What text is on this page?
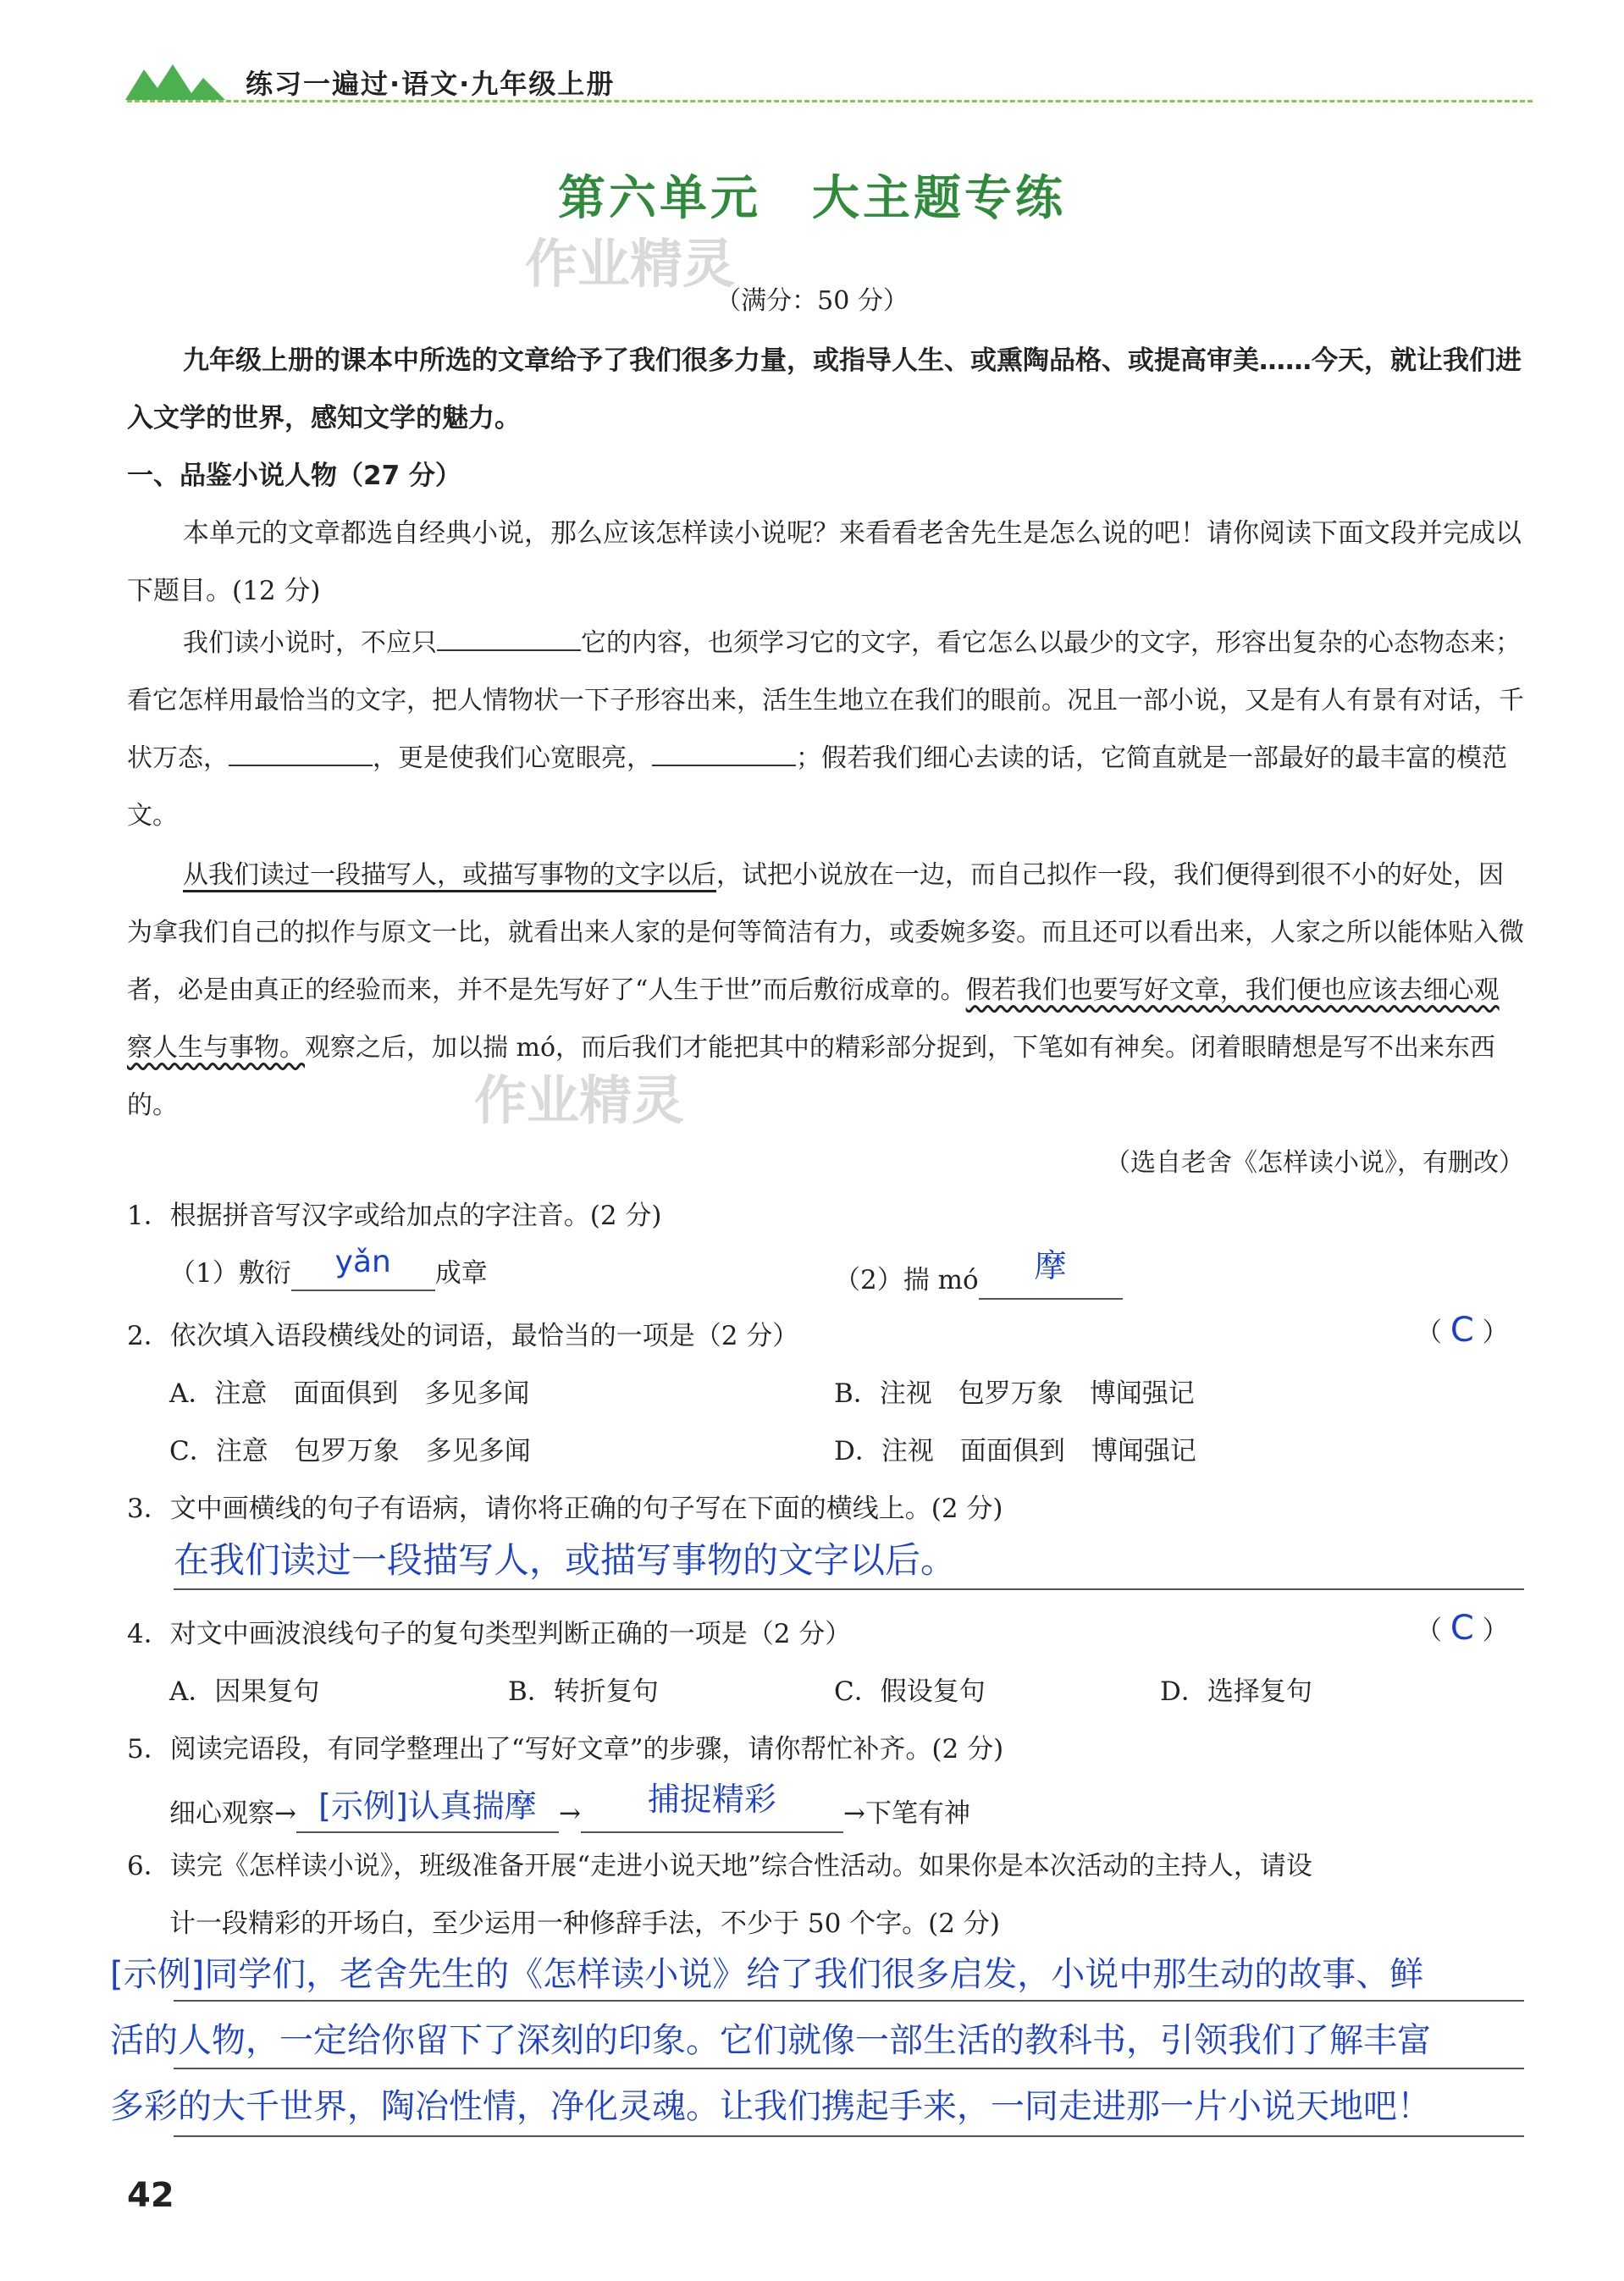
练习一遍过·语文·九年级上册
第六单元　大主题专练
作业精灵
（满分：50 分）
九年级上册的课本中所选的文章给予了我们很多力量，或指导人生、或熏陶品格、或提高审美……今天，就让我们进入文学的世界，感知文学的魅力。
一、品鉴小说人物（27 分）
本单元的文章都选自经典小说，那么应该怎样读小说呢？来看看老舍先生是怎么说的吧！请你阅读下面文段并完成以下题目。(12 分)
我们读小说时，不应只	它的内容，也须学习它的文字，看它怎么以最少的文字，形容出复杂的心态物态来；看它怎样用最恰当的文字，把人情物状一下子形容出来，活生生地立在我们的眼前。况且一部小说，又是有人有景有对话，千状万态，	，更是使我们心宽眼亮，	；假若我们细心去读的话，它简直就是一部最好的最丰富的模范文。
从我们读过一段描写人，或描写事物的文字以后，试把小说放在一边，而自己拟作一段，我们便得到很不小的好处，因为拿我们自己的拟作与原文一比，就看出来人家的是何等简洁有力，或委婉多姿。而且还可以看出来，人家之所以能体贴入微者，必是由真正的经验而来，并不是先写好了“人生于世”而后敷衍成章的。假若我们也要写好文章，我们便也应该去细心观察人生与事物。观察之后，加以揣 mó，而后我们才能把其中的精彩部分捉到，下笔如有神矣。闭着眼睛想是写不出来东西的。	作业精灵
（选自老舍《怎样读小说》，有删改）
1．根据拼音写汉字或给加点的字注音。(2 分)
（1）敷衍 yǎn 成章	（2）揣 mó 摩
2．依次填入语段横线处的词语，最恰当的一项是（2 分）	（ C ）
A．注意　面面俱到　多见多闻	B．注视　包罗万象　博闻强记
C．注意　包罗万象　多见多闻	D．注视　面面俱到　博闻强记
3．文中画横线的句子有语病，请你将正确的句子写在下面的横线上。(2 分)
在我们读过一段描写人，或描写事物的文字以后。
4．对文中画波浪线句子的复句类型判断正确的一项是（2 分）	（ C ）
A．因果复句	B．转折复句	C．假设复句	D．选择复句
5．阅读完语段，有同学整理出了“写好文章”的步骤，请你帮忙补齐。(2 分)
细心观察→ [示例]认真揣摩 → 捕捉精彩	→下笔有神
6．读完《怎样读小说》，班级准备开展“走进小说天地”综合性活动。如果你是本次活动的主持人，请设
计一段精彩的开场白，至少运用一种修辞手法，不少于 50 个字。(2 分)
[示例]同学们，老舍先生的《怎样读小说》给了我们很多启发，小说中那生动的故事、鲜
活的人物，一定给你留下了深刻的印象。它们就像一部生活的教科书，引领我们了解丰富
多彩的大千世界，陶冶性情，净化灵魂。让我们携起手来，一同走进那一片小说天地吧！
42
